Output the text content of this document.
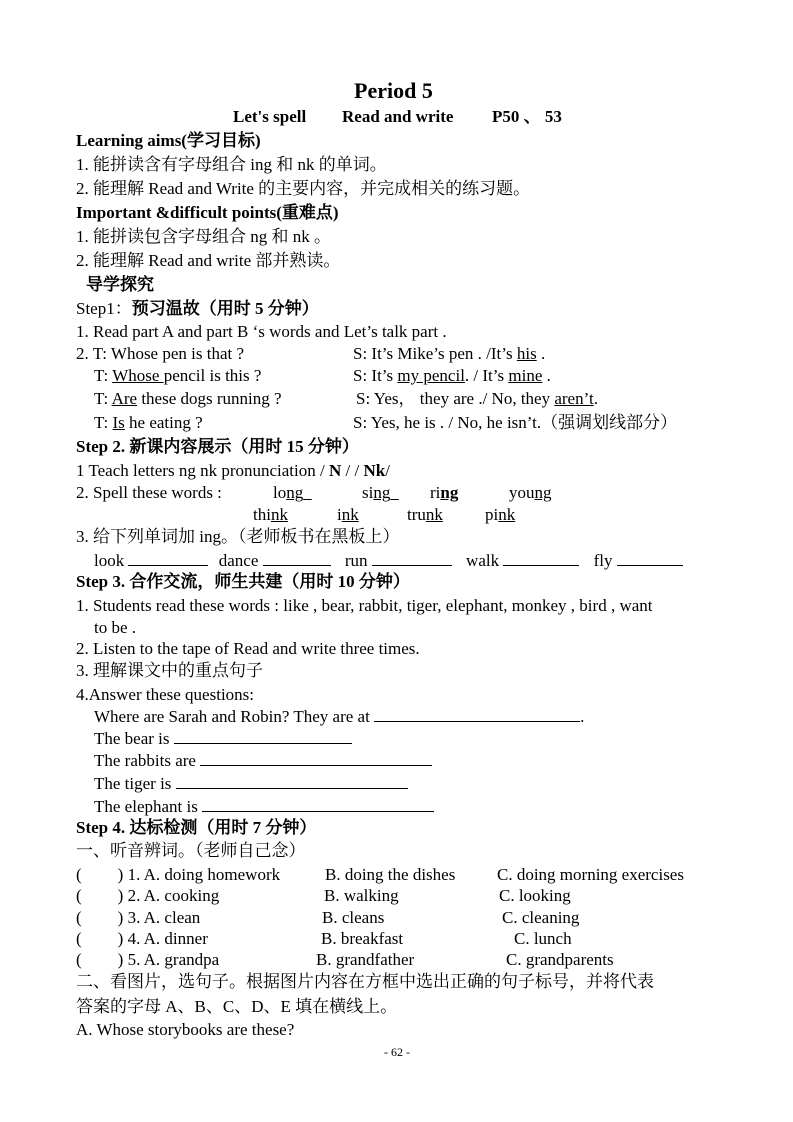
Period 5
Let's spell Read and write P50 、 53
Learning aims(学习目标)
1. 能拼读含有字母组合 ing 和 nk 的单词。
2. 能理解 Read and Write 的主要内容，并完成相关的练习题。
Important &difficult points(重难点)
1. 能拼读包含字母组合 ng 和 nk 。
2. 能理解 Read and write 部并熟读。
导学探究
Step1：预习温故（用时 5 分钟）
1. Read part A and part B ‘s words and Let’s talk part .
2. T: Whose pen is that ?	S: It’s Mike’s pen . /It’s his .
T: Whose pencil is this ?	S: It’s my pencil. / It’s mine .
T: Are these dogs running ?	S: Yes， they are ./ No, they aren’t.
T: Is he eating ?	S: Yes, he is . / No, he isn’t.（强调划线部分）
Step 2. 新课内容展示（用时 15 分钟）
1 Teach letters ng nk pronunciation / N / / Nk/
2. Spell these words :	long	sing	ring	young
think	ink	trunk pink
3. 给下列单词加 ing。（老师板书在黑板上）
look	dance	run	walk	fly
Step 3. 合作交流，师生共建（用时 10 分钟）
1. Students read these words : like , bear, rabbit, tiger, elephant, monkey , bird , want
to be .
2. Listen to the tape of Read and write three times.
3. 理解课文中的重点句子
4.Answer these questions:
Where are Sarah and Robin? They are at	.
The bear is
The rabbits are
The tiger is
The elephant is
Step 4. 达标检测（用时 7 分钟）
一、听音辨词。（老师自己念）
( ) 1. A. doing homework	B. doing the dishes C. doing morning exercises
( ) 2. A. cooking	B. walking	C. looking
( ) 3. A. clean	B. cleans	C. cleaning
( ) 4. A. dinner	B. breakfast	C. lunch
( ) 5. A. grandpa	B. grandfather	C. grandparents
二、看图片，选句子。根据图片内容在方框中选出正确的句子标号，并将代表
答案的字母 A、B、C、D、E 填在横线上。
A. Whose storybooks are these?
- 62 -
